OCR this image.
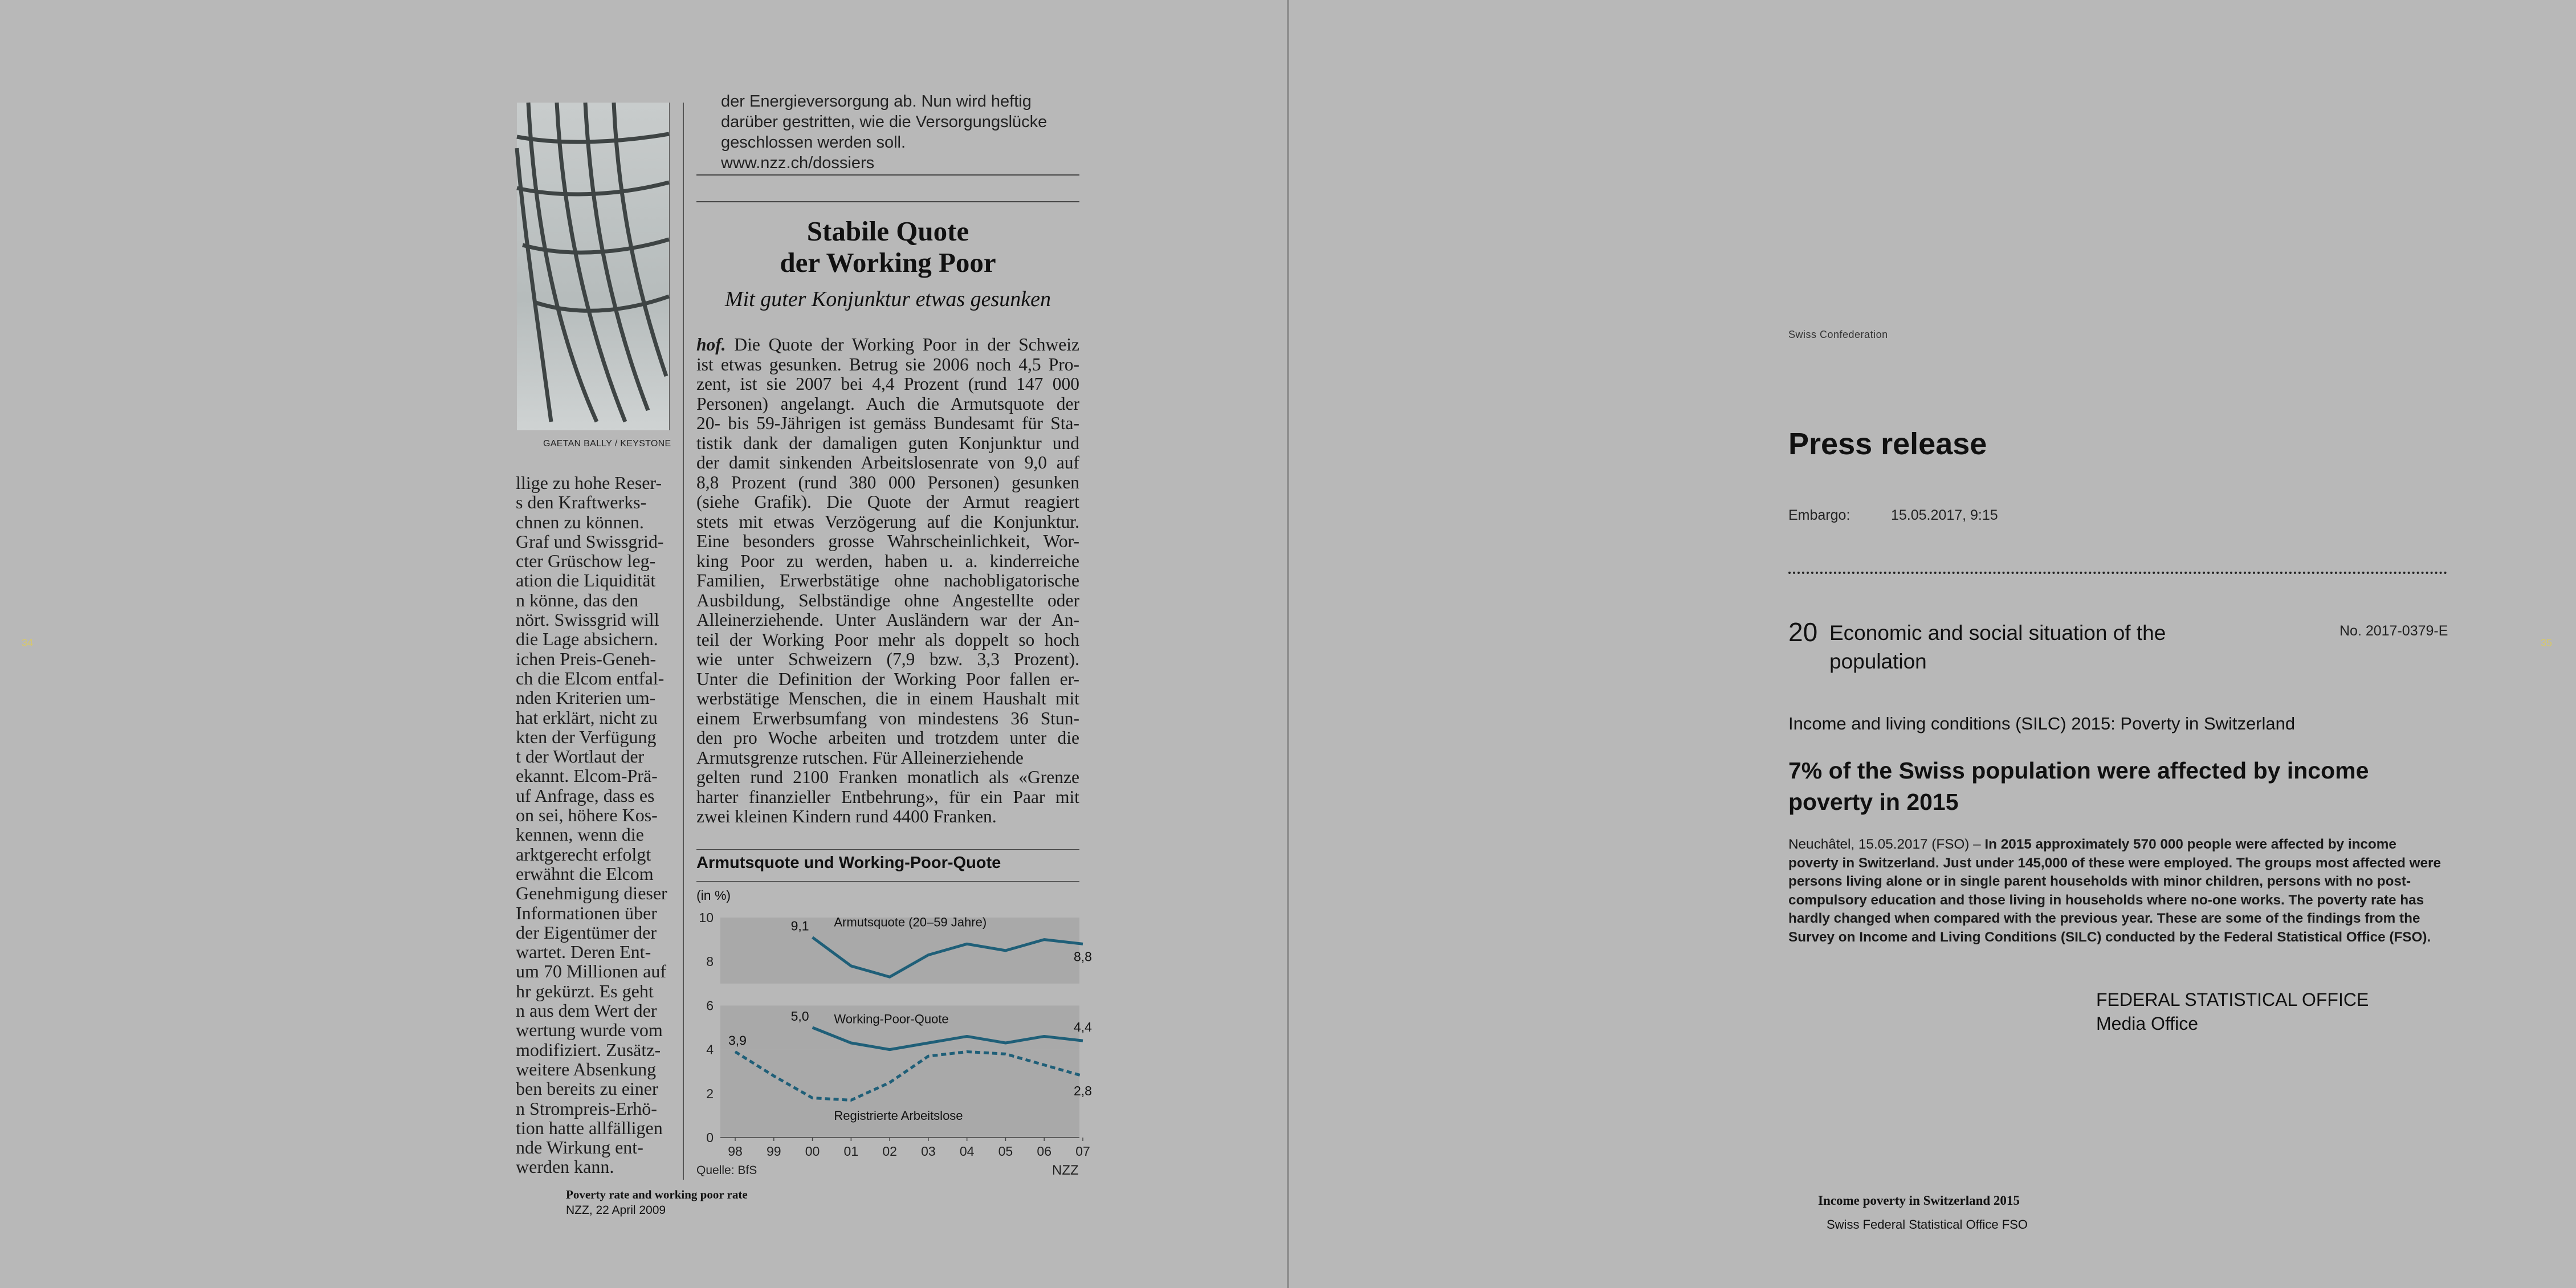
34
GAETAN BALLY / KEYSTONE
llige zu hohe Reser-
s den Kraftwerks-
chnen zu können.
Graf und Swissgrid-
cter Grüschow leg-
ation die Liquidität
n könne, das den
nört. Swissgrid will
die Lage absichern.
ichen Preis-Geneh-
ch die Elcom entfal-
nden Kriterien um-
hat erklärt, nicht zu
kten der Verfügung
t der Wortlaut der
ekannt. Elcom-Prä-
uf Anfrage, dass es
on sei, höhere Kos-
kennen, wenn die
arktgerecht erfolgt
erwähnt die Elcom
Genehmigung dieser
Informationen über
der Eigentümer der
wartet. Deren Ent-
um 70 Millionen auf
hr gekürzt. Es geht
n aus dem Wert der
wertung wurde vom
modifiziert. Zusätz-
weitere Absenkung
ben bereits zu einer
n Strompreis-Erhö-
tion hatte allfälligen
nde Wirkung ent-
werden kann.
der Energieversorgung ab. Nun wird heftig
darüber gestritten, wie die Versorgungslücke
geschlossen werden soll.
www.nzz.ch/dossiers
Stabile Quote
der Working Poor
Mit guter Konjunktur etwas gesunken
hof. Die Quote der Working Poor in der Schweiz
ist etwas gesunken. Betrug sie 2006 noch 4,5 Pro-
zent, ist sie 2007 bei 4,4 Prozent (rund 147 000
Personen) angelangt. Auch die Armutsquote der
20- bis 59-Jährigen ist gemäss Bundesamt für Sta-
tistik dank der damaligen guten Konjunktur und
der damit sinkenden Arbeitslosenrate von 9,0 auf
8,8 Prozent (rund 380 000 Personen) gesunken
(siehe Grafik). Die Quote der Armut reagiert
stets mit etwas Verzögerung auf die Konjunktur.
Eine besonders grosse Wahrscheinlichkeit, Wor-
king Poor zu werden, haben u. a. kinderreiche
Familien, Erwerbstätige ohne nachobligatorische
Ausbildung, Selbständige ohne Angestellte oder
Alleinerziehende. Unter Ausländern war der An-
teil der Working Poor mehr als doppelt so hoch
wie unter Schweizern (7,9 bzw. 3,3 Prozent).
Unter die Definition der Working Poor fallen er-
werbstätige Menschen, die in einem Haushalt mit
einem Erwerbsumfang von mindestens 36 Stun-
den pro Woche arbeiten und trotzdem unter die
Armutsgrenze rutschen. Für Alleinerziehende
gelten rund 2100 Franken monatlich als «Grenze
harter finanzieller Entbehrung», für ein Paar mit
zwei kleinen Kindern rund 4400 Franken.
Armutsquote und Working-Poor-Quote
(in %)
0
2
4
6
8
10
98 99 00 01 02 03 04 05 06 07
9,1
8,8
5,0
4,4
3,9
2,8
Armutsquote (20–59 Jahre)
Working-Poor-Quote
Registrierte Arbeitslose
Quelle: BfS	NZZ
Poverty rate and working poor rate
NZZ, 22 April 2009
35
Swiss Confederation
Press release
Embargo:	15.05.2017, 9:15
20 Economic and social situation of the population
No. 2017-0379-E
Income and living conditions (SILC) 2015: Poverty in Switzerland
7% of the Swiss population were affected by income poverty in 2015
Neuchâtel, 15.05.2017 (FSO) – In 2015 approximately 570 000 people were affected by income poverty in Switzerland. Just under 145,000 of these were employed. The groups most affected were persons living alone or in single parent households with minor children, persons with no post-compulsory education and those living in households where no-one works. The poverty rate has hardly changed when compared with the previous year. These are some of the findings from the Survey on Income and Living Conditions (SILC) conducted by the Federal Statistical Office (FSO).
FEDERAL STATISTICAL OFFICE
Media Office
Income poverty in Switzerland 2015
Swiss Federal Statistical Office FSO
